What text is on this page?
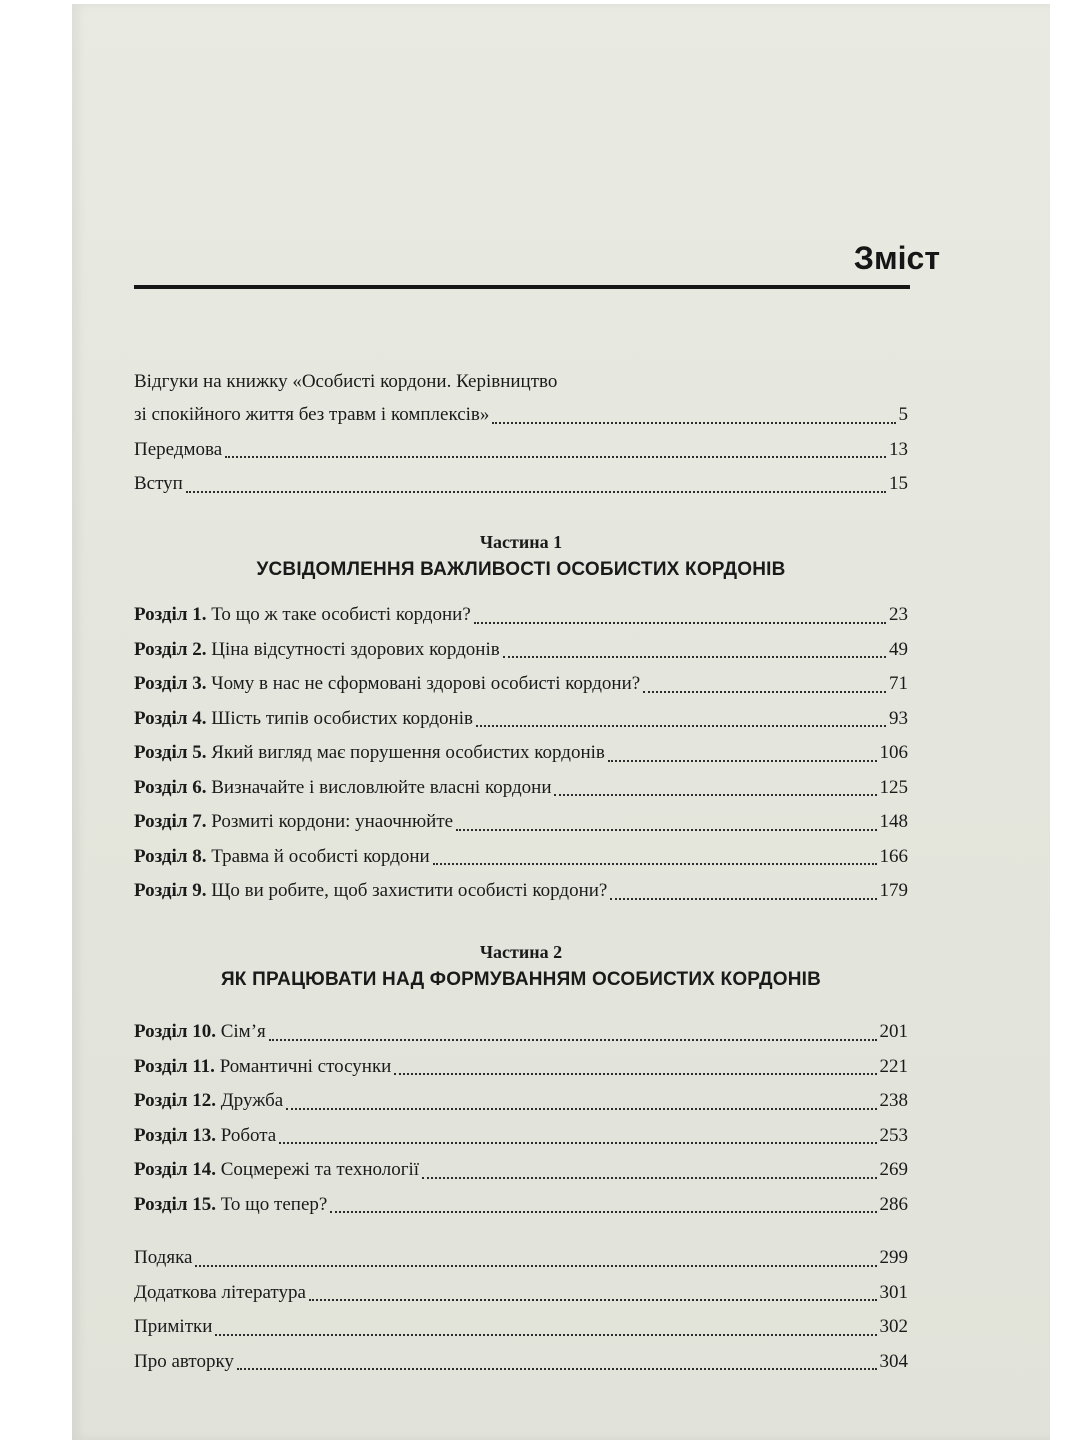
Зміст
Відгуки на книжку «Особисті кордони. Керівництво
зі спокійного життя без травм і комплексів»	5
Передмова	13
Вступ	15

Частина 1

УСВІДОМЛЕННЯ ВАЖЛИВОСТІ ОСОБИСТИХ КОРДОНІВ

Розділ 1. То що ж таке особисті кордони?	23
Розділ 2. Ціна відсутності здорових кордонів	49
Розділ 3. Чому в нас не сформовані здорові особисті кордони?	71
Розділ 4. Шість типів особистих кордонів	93
Розділ 5. Який вигляд має порушення особистих кордонів	106
Розділ 6. Визначайте і висловлюйте власні кордони	125
Розділ 7. Розмиті кордони: унаочнюйте	148
Розділ 8. Травма й особисті кордони	166
Розділ 9. Що ви робите, щоб захистити особисті кордони?	179

Частина 2

ЯК ПРАЦЮВАТИ НАД ФОРМУВАННЯМ ОСОБИСТИХ КОРДОНІВ

Розділ 10. Сім’я	201
Розділ 11. Романтичні стосунки	221
Розділ 12. Дружба	238
Розділ 13. Робота	253
Розділ 14. Соцмережі та технології	269
Розділ 15. То що тепер?	286
Подяка	299
Додаткова література	301
Примітки	302
Про авторку	304
